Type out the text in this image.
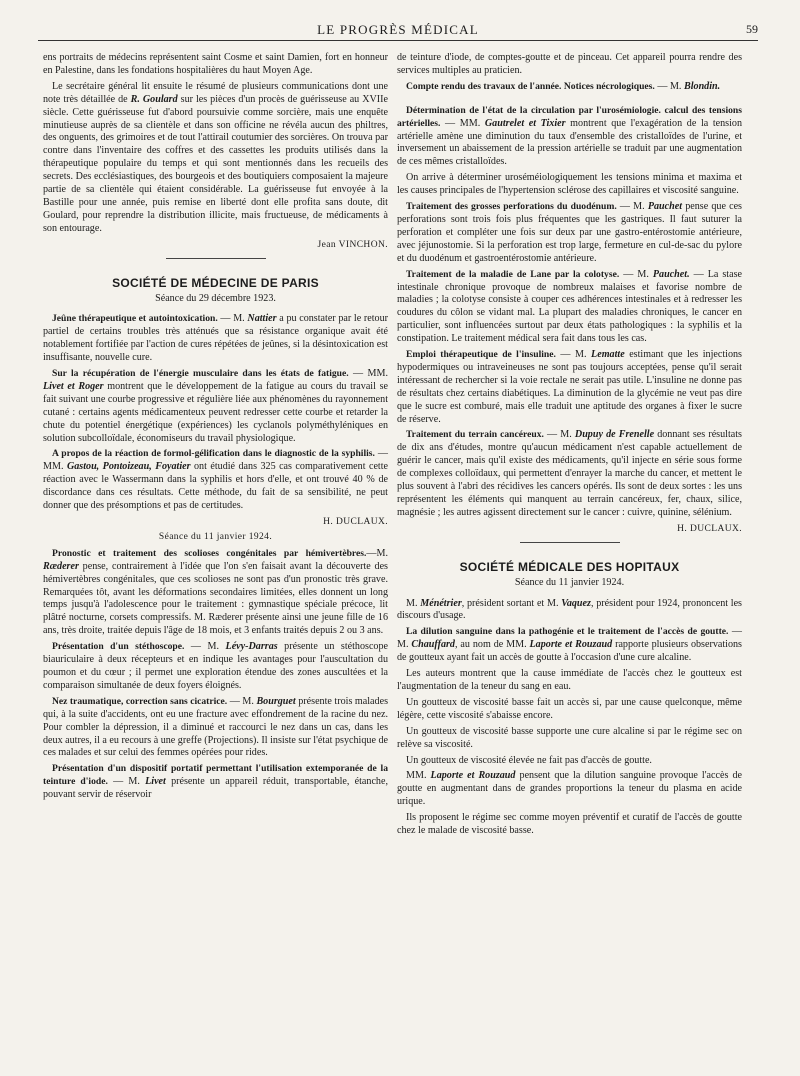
LE PROGRÈS MÉDICAL	59

ens portraits de médecins représentent saint Cosme et saint Damien, fort en honneur en Palestine, dans les fondations hospitalières du haut Moyen Age.

Le secrétaire général lit ensuite le résumé de plusieurs communications dont une note très détaillée de R. Goulard sur les pièces d'un procès de guérisseuse au XVIIe siècle. Cette guérisseuse fut d'abord poursuivie comme sorcière, mais une enquête minutieuse auprès de sa clientèle et dans son officine ne révéla aucun des philtres, des onguents, des grimoires et de tout l'attirail coutumier des sorcières. On trouva par contre dans l'inventaire des coffres et des cassettes les produits utilisés dans la thérapeutique populaire du temps et qui sont mentionnés dans les recueils des secrets. Des ecclésiastiques, des bourgeois et des boutiquiers composaient la majeure partie de sa clientèle qui étaient considérable. La guérisseuse fut envoyée à la Bastille pour une année, puis remise en liberté dont elle profita sans doute, dit Goulard, pour reprendre la distribution illicite, mais fructueuse, de médicaments à son entourage.

Jean VINCHON.
SOCIÉTÉ DE MÉDECINE DE PARIS
Séance du 29 décembre 1923.

Jeûne thérapeutique et autointoxication. — M. Nattier a pu constater par le retour partiel de certains troubles très atténués que sa résistance organique avait été notablement fortifiée par l'action de cures répétées de jeûnes, si la désintoxication est insuffisante, nouvelle cure.

Sur la récupération de l'énergie musculaire dans les états de fatigue. — MM. Livet et Roger montrent que le développement de la fatigue au cours du travail se fait suivant une courbe progressive et régulière liée aux phénomènes du rayonnement cutané : certains agents médicamenteux peuvent redresser cette courbe et retarder la chute du potentiel énergétique (expériences) les cyclanols polyméthyléniques en solution subcolloïdale, économiseurs du travail physiologique.

A propos de la réaction de formol-gélification dans le diagnostic de la syphilis. — MM. Gastou, Pontoizeau, Foyatier ont étudié dans 325 cas comparativement cette réaction avec le Wassermann dans la syphilis et hors d'elle, et ont trouvé 40 % de discordance dans ces résultats. Cette méthode, du fait de sa sensibilité, ne peut donner que des présomptions et pas de certitudes.

H. DUCLAUX.
Séance du 11 janvier 1924.

Pronostic et traitement des scolioses congénitales par hémivertèbres.—M. Ræderer pense, contrairement à l'idée que l'on s'en faisait avant la découverte des hémivertèbres congénitales, que ces scolioses ne sont pas d'un pronostic très grave. Remarquées tôt, avant les déformations secondaires limitées, elles donnent un long temps jusqu'à l'adolescence pour le traitement : gymnastique spéciale précoce, lit plâtré nocturne, corsets compressifs. M. Ræderer présente ainsi une jeune fille de 16 ans, très droite, traitée depuis l'âge de 18 mois, et 3 enfants traités depuis 2 ou 3 ans.

Présentation d'un stéthoscope. — M. Lévy-Darras présente un stéthoscope biauriculaire à deux récepteurs et en indique les avantages pour l'auscultation du poumon et du cœur ; il permet une exploration étendue des zones auscultées et la comparaison simultanée de deux foyers éloignés.

Nez traumatique, correction sans cicatrice. — M. Bourguet présente trois malades qui, à la suite d'accidents, ont eu une fracture avec effondrement de la racine du nez. Pour combler la dépression, il a diminué et raccourci le nez dans un cas, dans les deux autres, il a eu recours à une greffe (Projections). Il insiste sur l'état psychique de ces malades et sur celui des femmes opérées pour rides.

Présentation d'un dispositif portatif permettant l'utilisation extemporanée de la teinture d'iode. — M. Livet présente un appareil réduit, transportable, étanche, pouvant servir de réservoir

de teinture d'iode, de comptes-goutte et de pinceau. Cet appareil pourra rendre des services multiples au praticien.

Compte rendu des travaux de l'année. Notices nécrologiques. — M. Blondin.

Détermination de l'état de la circulation par l'urosémiologie. calcul des tensions artérielles. — MM. Gautrelet et Tixier montrent que l'exagération de la tension artérielle amène une diminution du taux d'ensemble des cristalloïdes de l'urine, et inversement un abaissement de la pression artérielle se traduit par une augmentation de ces mêmes cristalloïdes.

On arrive à déterminer uroséméiologiquement les tensions minima et maxima et les causes principales de l'hypertension sclérose des capillaires et viscosité sanguine.

Traitement des grosses perforations du duodénum. — M. Pauchet pense que ces perforations sont trois fois plus fréquentes que les gastriques. Il faut suturer la perforation et compléter une fois sur deux par une gastro-entérostomie antérieure, avec jéjunostomie. Si la perforation est trop large, fermeture en cul-de-sac du pylore et du duodénum et gastroentérostomie antérieure.

Traitement de la maladie de Lane par la colotyse. — M. Pauchet. — La stase intestinale chronique provoque de nombreux malaises et favorise nombre de maladies ; la colotyse consiste à couper ces adhérences intestinales et à redresser les coudures du côlon se vidant mal. La plupart des maladies chroniques, le cancer en particulier, sont influencées surtout par deux états pathologiques : la syphilis et la constipation. Le traitement médical sera fait dans tous les cas.

Emploi thérapeutique de l'insuline. — M. Lematte estimant que les injections hypodermiques ou intraveineuses ne sont pas toujours acceptées, pense qu'il serait intéressant de rechercher si la voie rectale ne serait pas utile. L'insuline ne donne pas de résultats chez certains diabétiques. La diminution de la glycémie ne veut pas dire que le sucre est comburé, mais elle traduit une aptitude des organes à fixer le sucre de réserve.

Traitement du terrain cancéreux. — M. Dupuy de Frenelle donnant ses résultats de dix ans d'études, montre qu'aucun médicament n'est capable actuellement de guérir le cancer, mais qu'il existe des médicaments, qu'il injecte en série sous forme de complexes colloïdaux, qui permettent d'enrayer la marche du cancer, et mettent le plus souvent à l'abri des récidives les cancers opérés. Ils sont de deux sortes : les uns représentent les éléments qui manquent au terrain cancéreux, fer, chaux, silice, magnésie ; les autres agissent directement sur le cancer : cuivre, quinine, sélénium.

H. DUCLAUX.
SOCIÉTÉ MÉDICALE DES HOPITAUX
Séance du 11 janvier 1924.

M. Ménétrier, président sortant et M. Vaquez, président pour 1924, prononcent les discours d'usage.

La dilution sanguine dans la pathogénie et le traitement de l'accès de goutte. — M. Chauffard, au nom de MM. Laporte et Rouzaud rapporte plusieurs observations de goutteux ayant fait un accès de goutte à l'occasion d'une cure alcaline.

Les auteurs montrent que la cause immédiate de l'accès chez le goutteux est l'augmentation de la teneur du sang en eau.

Un goutteux de viscosité basse fait un accès si, par une cause quelconque, même légère, cette viscosité s'abaisse encore.

Un goutteux de viscosité basse supporte une cure alcaline si par le régime sec on relève sa viscosité.

Un goutteux de viscosité élevée ne fait pas d'accès de goutte.

MM. Laporte et Rouzaud pensent que la dilution sanguine provoque l'accès de goutte en augmentant dans de grandes proportions la teneur du plasma en acide urique.

Ils proposent le régime sec comme moyen préventif et curatif de l'accès de goutte chez le malade de viscosité basse.
